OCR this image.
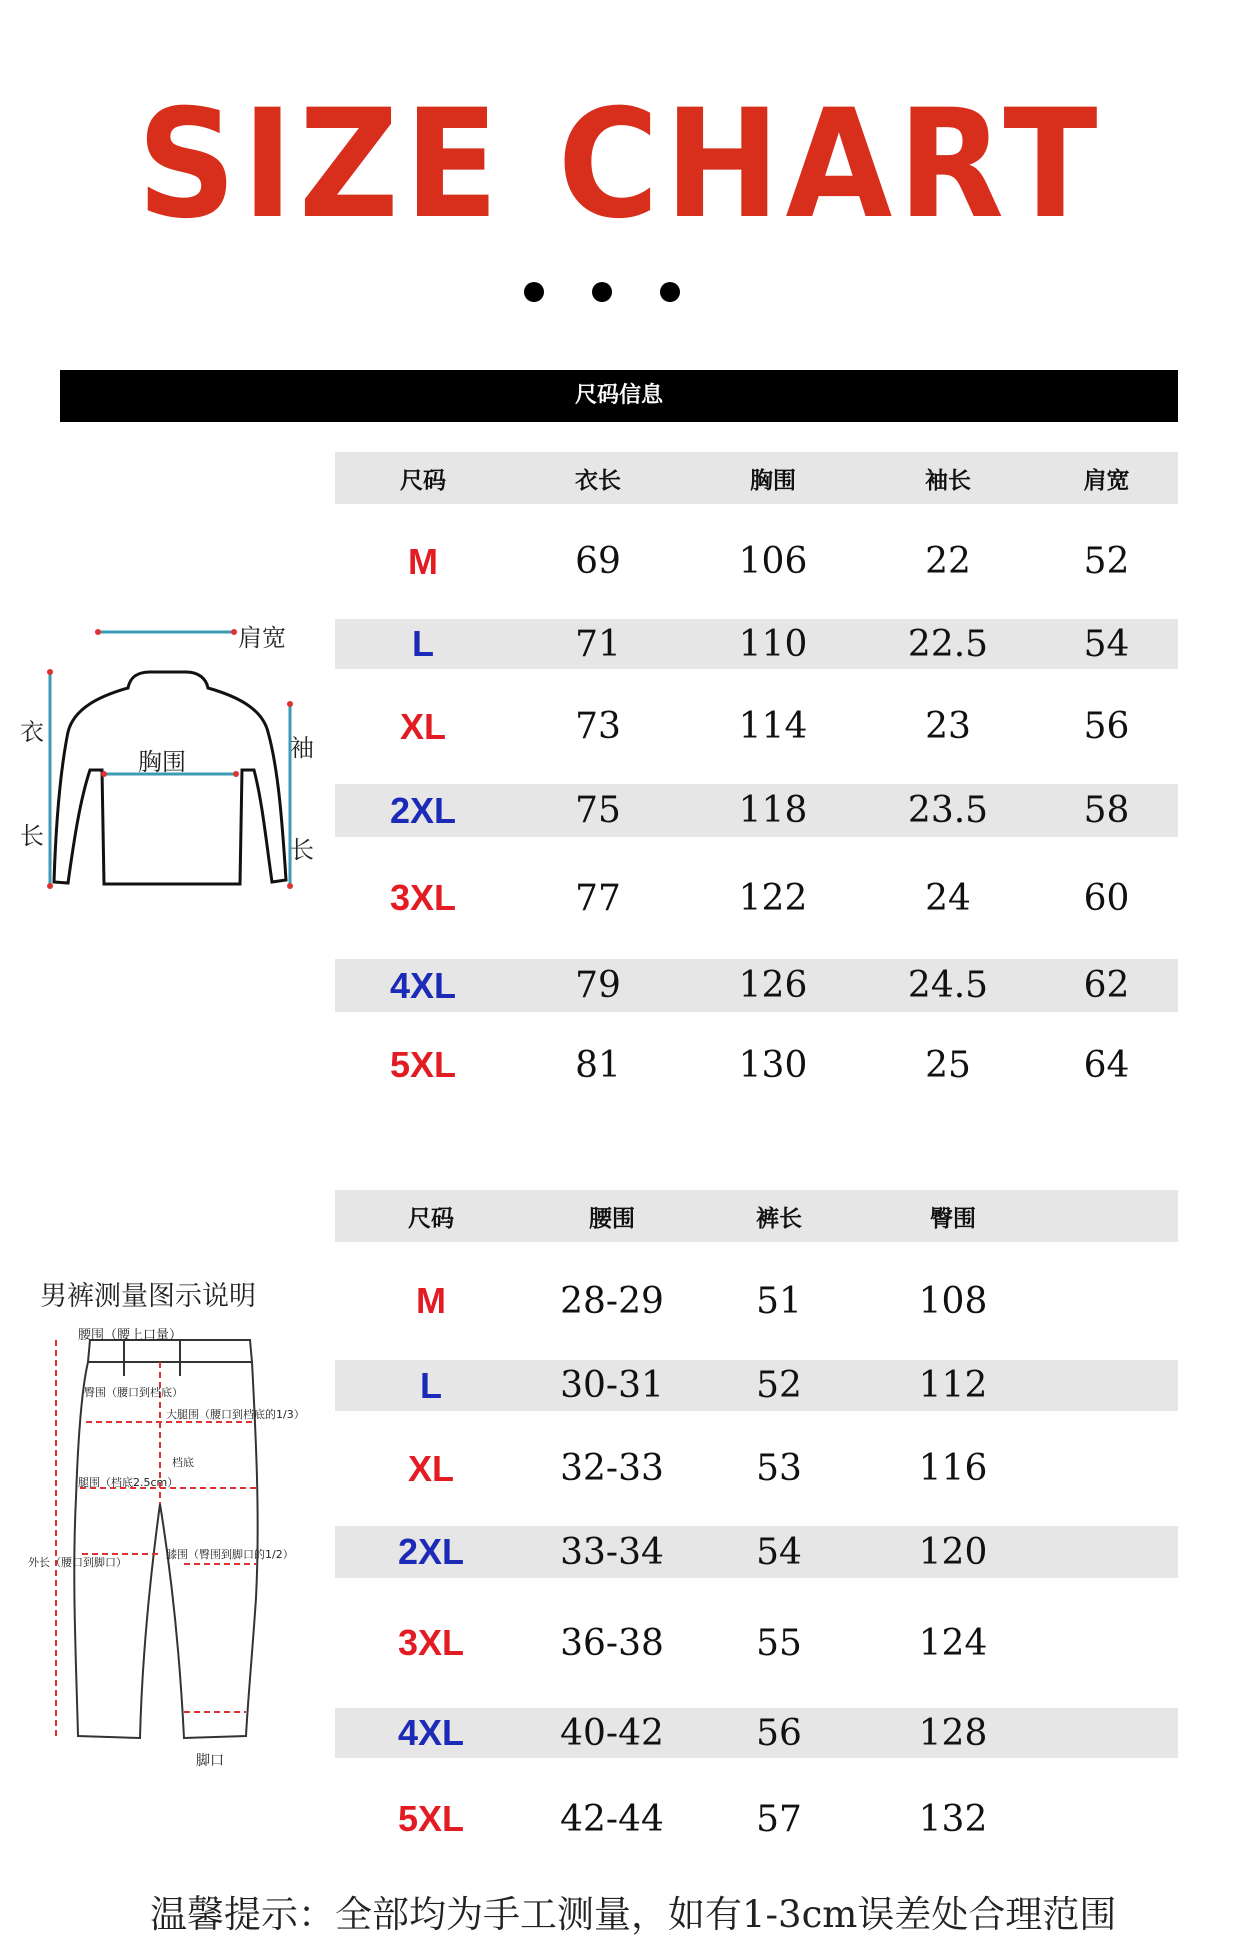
SIZE CHART
尺码信息
肩宽
胸围
衣
长
袖
长
尺码	衣长	胸围	袖长	肩宽
M	69	106	22	52
L	71	110	22.5	54
XL	73	114	23	56
2XL	75	118	23.5	58
3XL	77	122	24	60
4XL	79	126	24.5	62
5XL	81	130	25	64
男裤测量图示说明
腰围（腰上口量）
臀围（腰口到档底）
大腿围（腰口到档底的1/3）
档底
腿围（档底2.5cm）
外长（腰口到脚口）
膝围（臀围到脚口的1/2）
脚口
尺码	腰围	裤长	臀围	
M	28-29	51	108	
L	30-31	52	112	
XL	32-33	53	116	
2XL	33-34	54	120	
3XL	36-38	55	124	
4XL	40-42	56	128	
5XL	42-44	57	132	
温馨提示：全部均为手工测量，如有1-3cm误差处合理范围
